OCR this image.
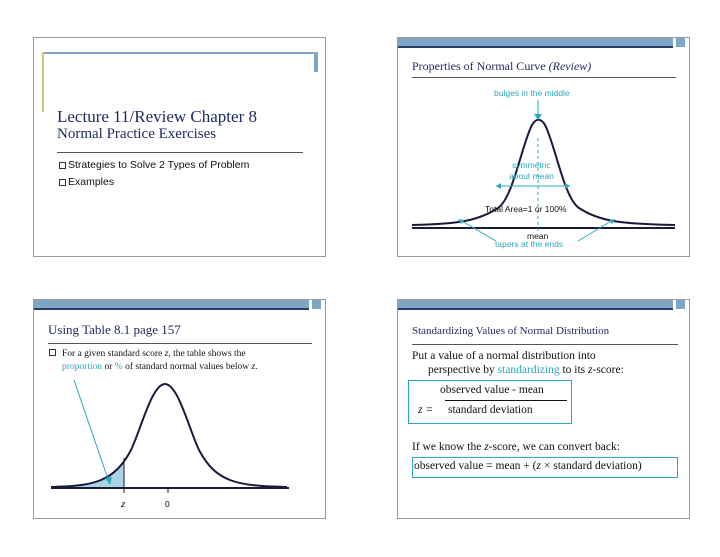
Lecture 11/Review Chapter 8
Normal Practice Exercises
Strategies to Solve 2 Types of Problem
Examples
Properties of Normal Curve (Review)
bulges in the middle
symmetric
about mean
Total Area=1 or 100%
mean
tapers at the ends
Using Table 8.1 page 157
For a given standard score z, the table shows the
proportion or % of standard normal values below z.
z	0
Standardizing Values of Normal Distribution
Put a value of a normal distribution into
perspective by standardizing to its z-score:
observed value - mean
z = standard deviation
If we know the z-score, we can convert back:
observed value = mean + (z × standard deviation)
